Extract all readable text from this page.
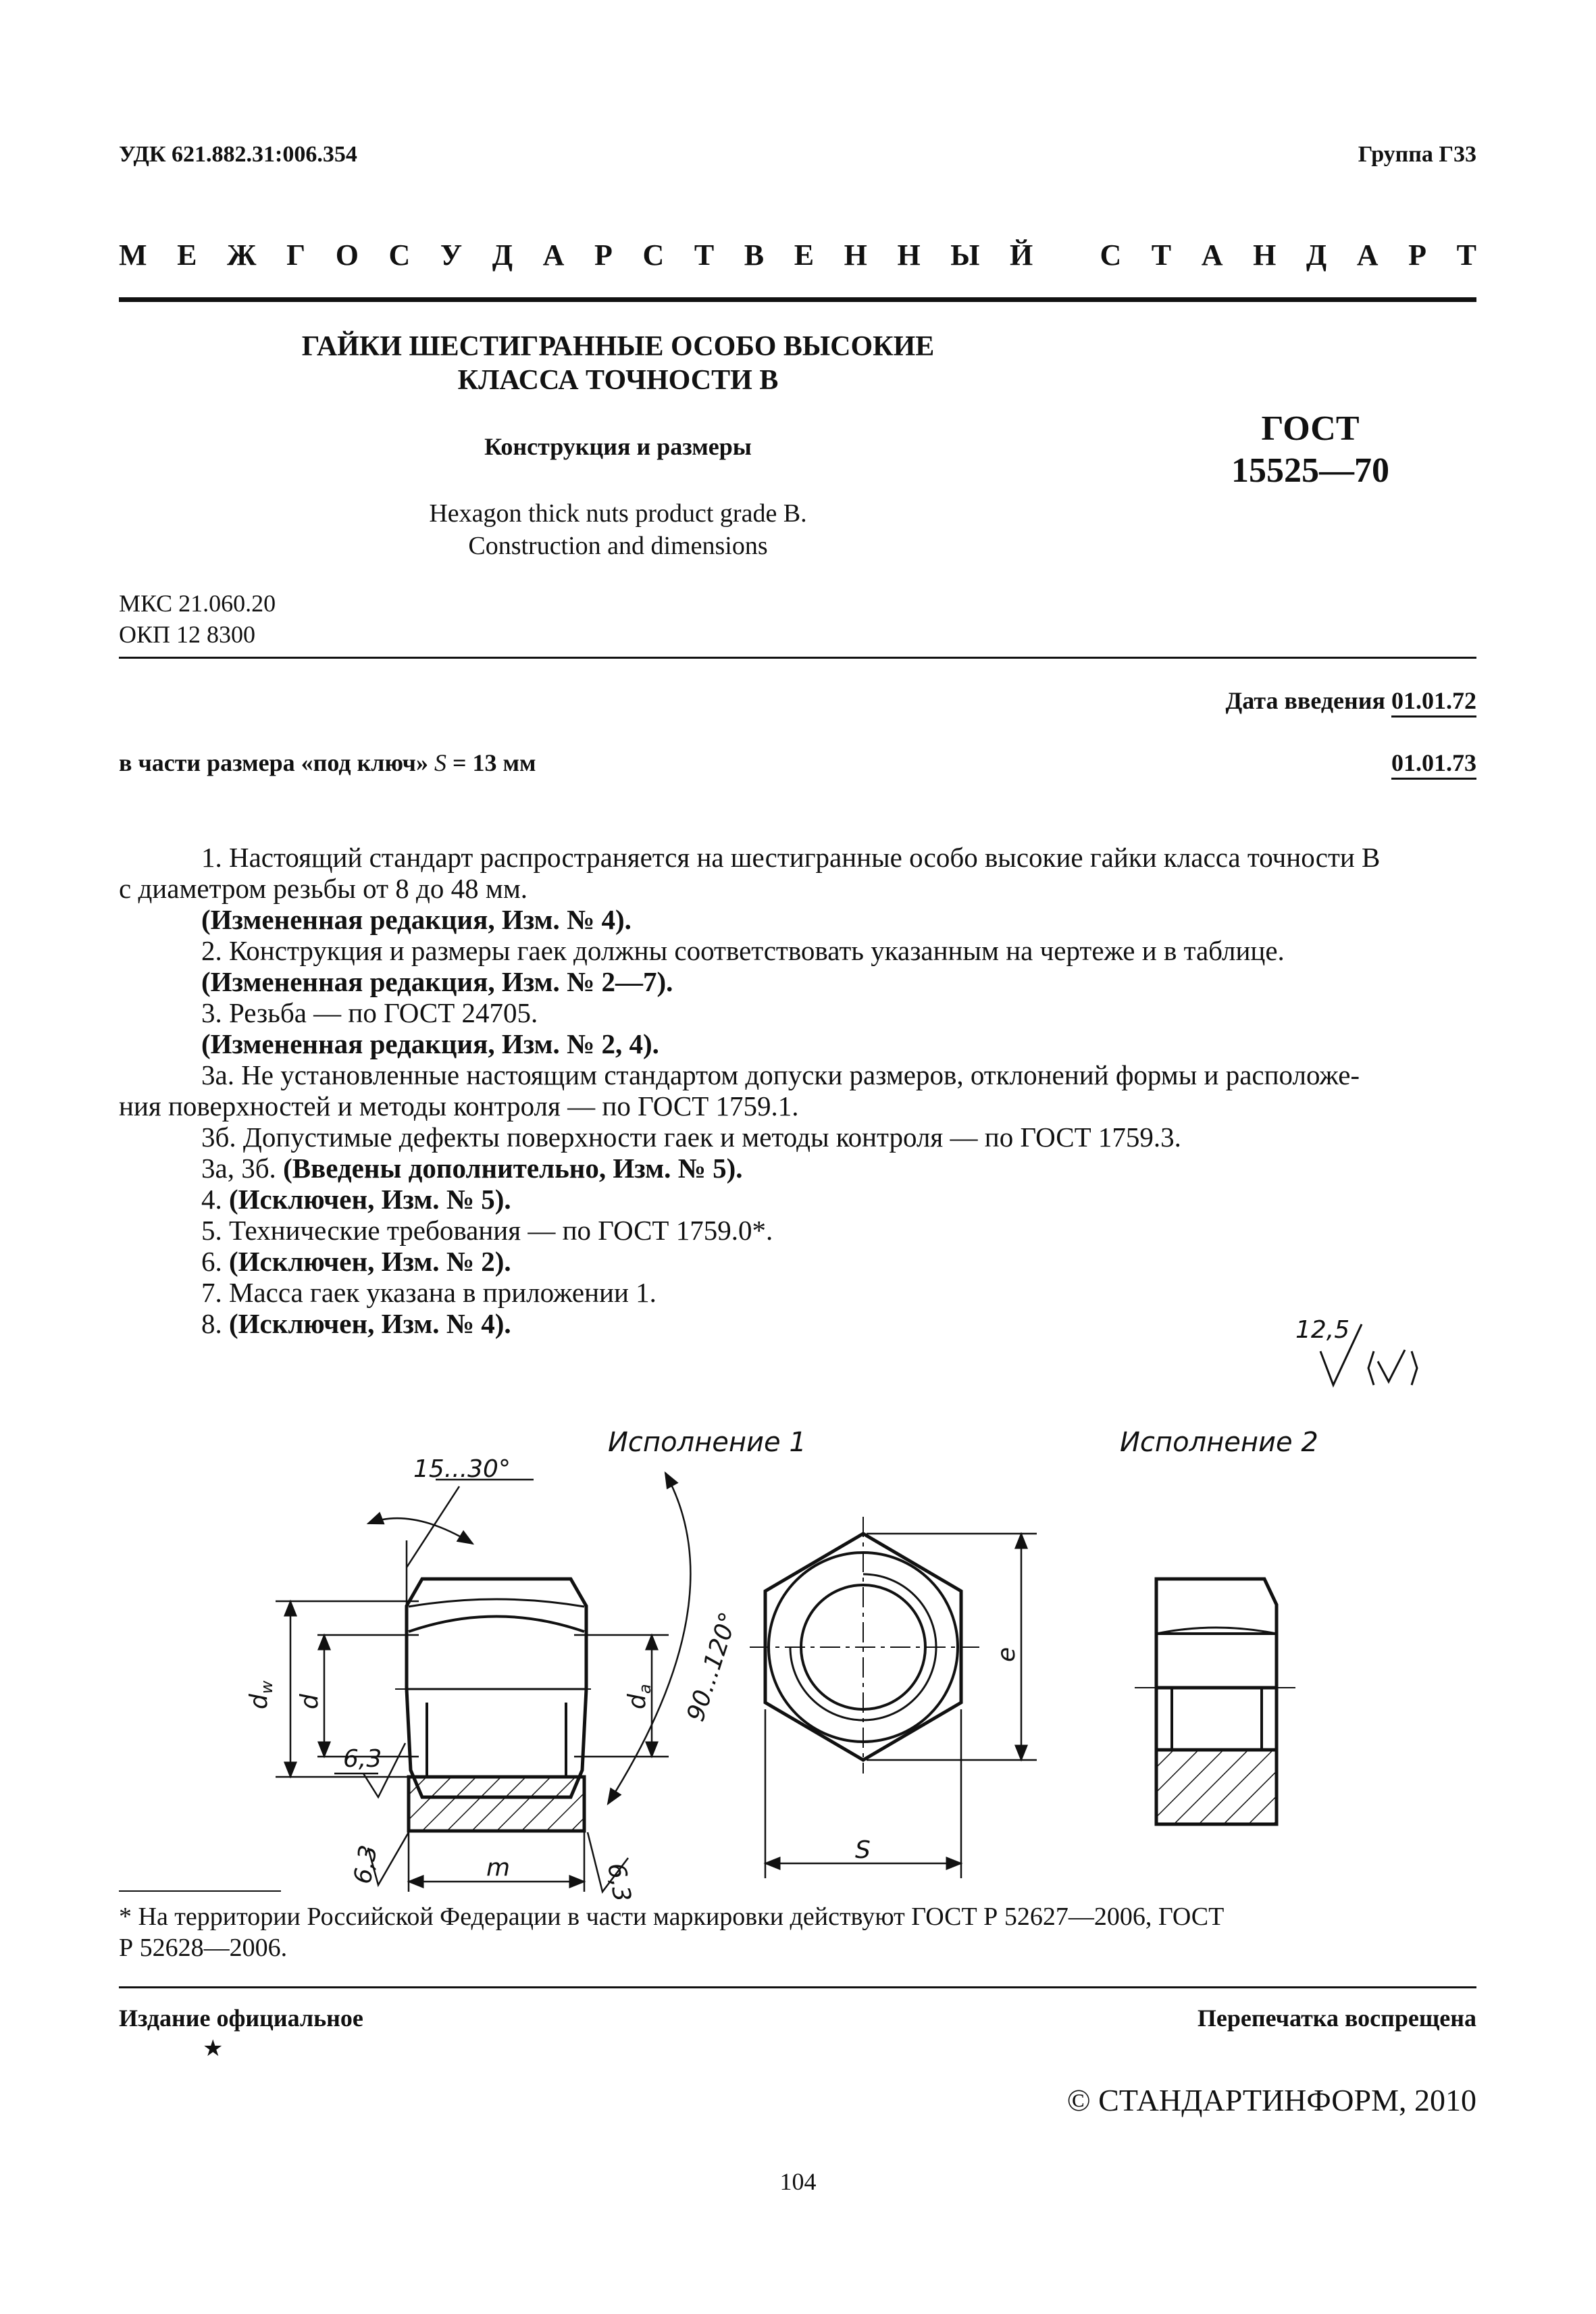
УДК 621.882.31:006.354	Группа Г33
М Е Ж Г О С У Д А Р С Т В Е Н Н Ы Й С Т А Н Д А Р Т
ГАЙКИ ШЕСТИГРАННЫЕ ОСОБО ВЫСОКИЕ
КЛАССА ТОЧНОСТИ В
Конструкция и размеры
Hexagon thick nuts product grade B.
Construction and dimensions
ГОСТ
15525—70
МКС 21.060.20
ОКП 12 8300
Дата введения 01.01.72
в части размера «под ключ» S = 13 мм	01.01.73

1. Настоящий стандарт распространяется на шестигранные особо высокие гайки класса точности В

с диаметром резьбы от 8 до 48 мм.

(Измененная редакция, Изм. № 4).

2. Конструкция и размеры гаек должны соответствовать указанным на чертеже и в таблице.

(Измененная редакция, Изм. № 2—7).

3. Резьба — по ГОСТ 24705.

(Измененная редакция, Изм. № 2, 4).

3а. Не установленные настоящим стандартом допуски размеров, отклонений формы и расположе-

ния поверхностей и методы контроля — по ГОСТ 1759.1.

3б. Допустимые дефекты поверхности гаек и методы контроля — по ГОСТ 1759.3.

3а, 3б. (Введены дополнительно, Изм. № 5).

4. (Исключен, Изм. № 5).

5. Технические требования — по ГОСТ 1759.0*.

6. (Исключен, Изм. № 2).

7. Масса гаек указана в приложении 1.

8. (Исключен, Изм. № 4).	12,5
Исполнение 1	Исполнение 2
15...30°
$d_w$
d	$d_a$ 90...120°
6,3
6,3	6,3
m
e
S
* На территории Российской Федерации в части маркировки действуют ГОСТ Р 52627—2006, ГОСТ
Р 52628—2006.
Издание официальное
★
Перепечатка воспрещена
© СТАНДАРТИНФОРМ, 2010
104
